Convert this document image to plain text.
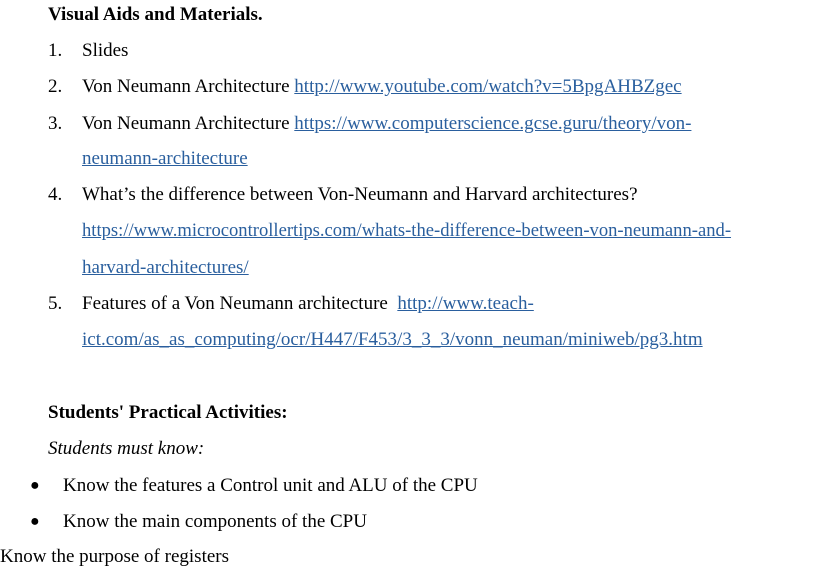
Visual Aids and Materials.
1. Slides
2. Von Neumann Architecture http://www.youtube.com/watch?v=5BpgAHBZgec
3. Von Neumann Architecture https://www.computerscience.gcse.guru/theory/von-
neumann-architecture
4. What’s the difference between Von-Neumann and Harvard architectures?
https://www.microcontrollertips.com/whats-the-difference-between-von-neumann-and-
harvard-architectures/
5. Features of a Von Neumann architecture  http://www.teach-
ict.com/as_as_computing/ocr/H447/F453/3_3_3/vonn_neuman/miniweb/pg3.htm
Students' Practical Activities:
Students must know:
● Know the features a Control unit and ALU of the CPU
● Know the main components of the CPU
Know the purpose of registers
